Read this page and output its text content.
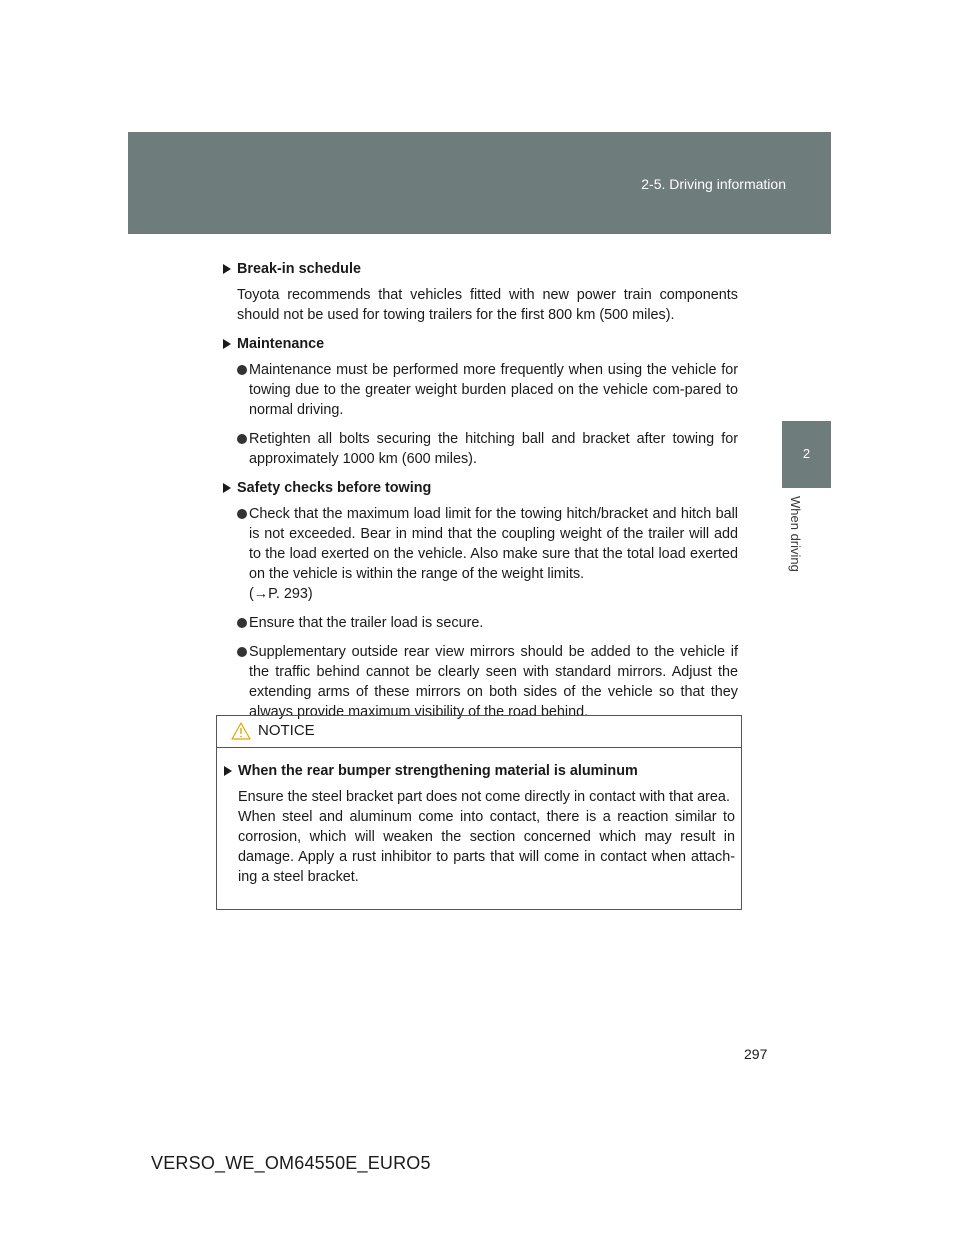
2-5. Driving information
2
When driving
Break-in schedule
Toyota recommends that vehicles fitted with new power train components should not be used for towing trailers for the first 800 km (500 miles).
Maintenance
Maintenance must be performed more frequently when using the vehicle for towing due to the greater weight burden placed on the vehicle com-pared to normal driving.
Retighten all bolts securing the hitching ball and bracket after towing for approximately 1000 km (600 miles).
Safety checks before towing
Check that the maximum load limit for the towing hitch/bracket and hitch ball is not exceeded. Bear in mind that the coupling weight of the trailer will add to the load exerted on the vehicle. Also make sure that the total load exerted on the vehicle is within the range of the weight limits.
(→P. 293)
Ensure that the trailer load is secure.
Supplementary outside rear view mirrors should be added to the vehicle if the traffic behind cannot be clearly seen with standard mirrors. Adjust the extending arms of these mirrors on both sides of the vehicle so that they always provide maximum visibility of the road behind.
NOTICE
When the rear bumper strengthening material is aluminum
Ensure the steel bracket part does not come directly in contact with that area.
When steel and aluminum come into contact, there is a reaction similar to corrosion, which will weaken the section concerned which may result in damage. Apply a rust inhibitor to parts that will come in contact when attach-ing a steel bracket.
297
VERSO_WE_OM64550E_EURO5
